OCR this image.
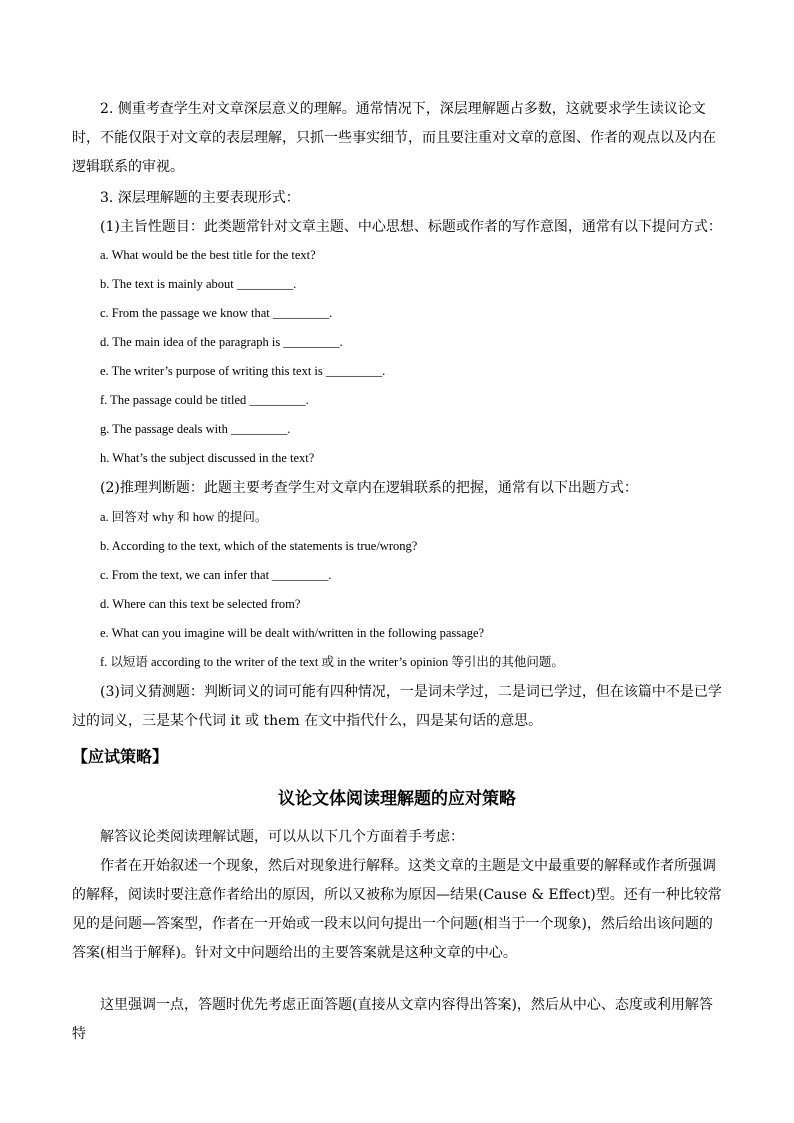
2. 侧重考查学生对文章深层意义的理解。通常情况下，深层理解题占多数，这就要求学生读议论文时，不能仅限于对文章的表层理解，只抓一些事实细节，而且要注重对文章的意图、作者的观点以及内在逻辑联系的审视。
3. 深层理解题的主要表现形式：
(1)主旨性题目：此类题常针对文章主题、中心思想、标题或作者的写作意图，通常有以下提问方式：
a. What would be the best title for the text?
b. The text is mainly about _________.
c. From the passage we know that _________.
d. The main idea of the paragraph is _________.
e. The writer’s purpose of writing this text is _________.
f. The passage could be titled _________.
g. The passage deals with _________.
h. What’s the subject discussed in the text?
(2)推理判断题：此题主要考查学生对文章内在逻辑联系的把握，通常有以下出题方式：
a. 回答对 why 和 how 的提问。
b. According to the text, which of the statements is true/wrong?
c. From the text, we can infer that _________.
d. Where can this text be selected from?
e. What can you imagine will be dealt with/written in the following passage?
f. 以短语 according to the writer of the text 或 in the writer’s opinion 等引出的其他问题。
(3)词义猜测题：判断词义的词可能有四种情况，一是词未学过，二是词已学过，但在该篇中不是已学过的词义，三是某个代词 it 或 them 在文中指代什么，四是某句话的意思。
【应试策略】
议论文体阅读理解题的应对策略
解答议论类阅读理解试题，可以从以下几个方面着手考虑：
作者在开始叙述一个现象，然后对现象进行解释。这类文章的主题是文中最重要的解释或作者所强调的解释，阅读时要注意作者给出的原因，所以又被称为原因—结果(Cause & Effect)型。还有一种比较常见的是问题—答案型，作者在一开始或一段末以问句提出一个问题(相当于一个现象)，然后给出该问题的答案(相当于解释)。针对文中问题给出的主要答案就是这种文章的中心。
这里强调一点，答题时优先考虑正面答题(直接从文章内容得出答案)，然后从中心、态度或利用解答特
